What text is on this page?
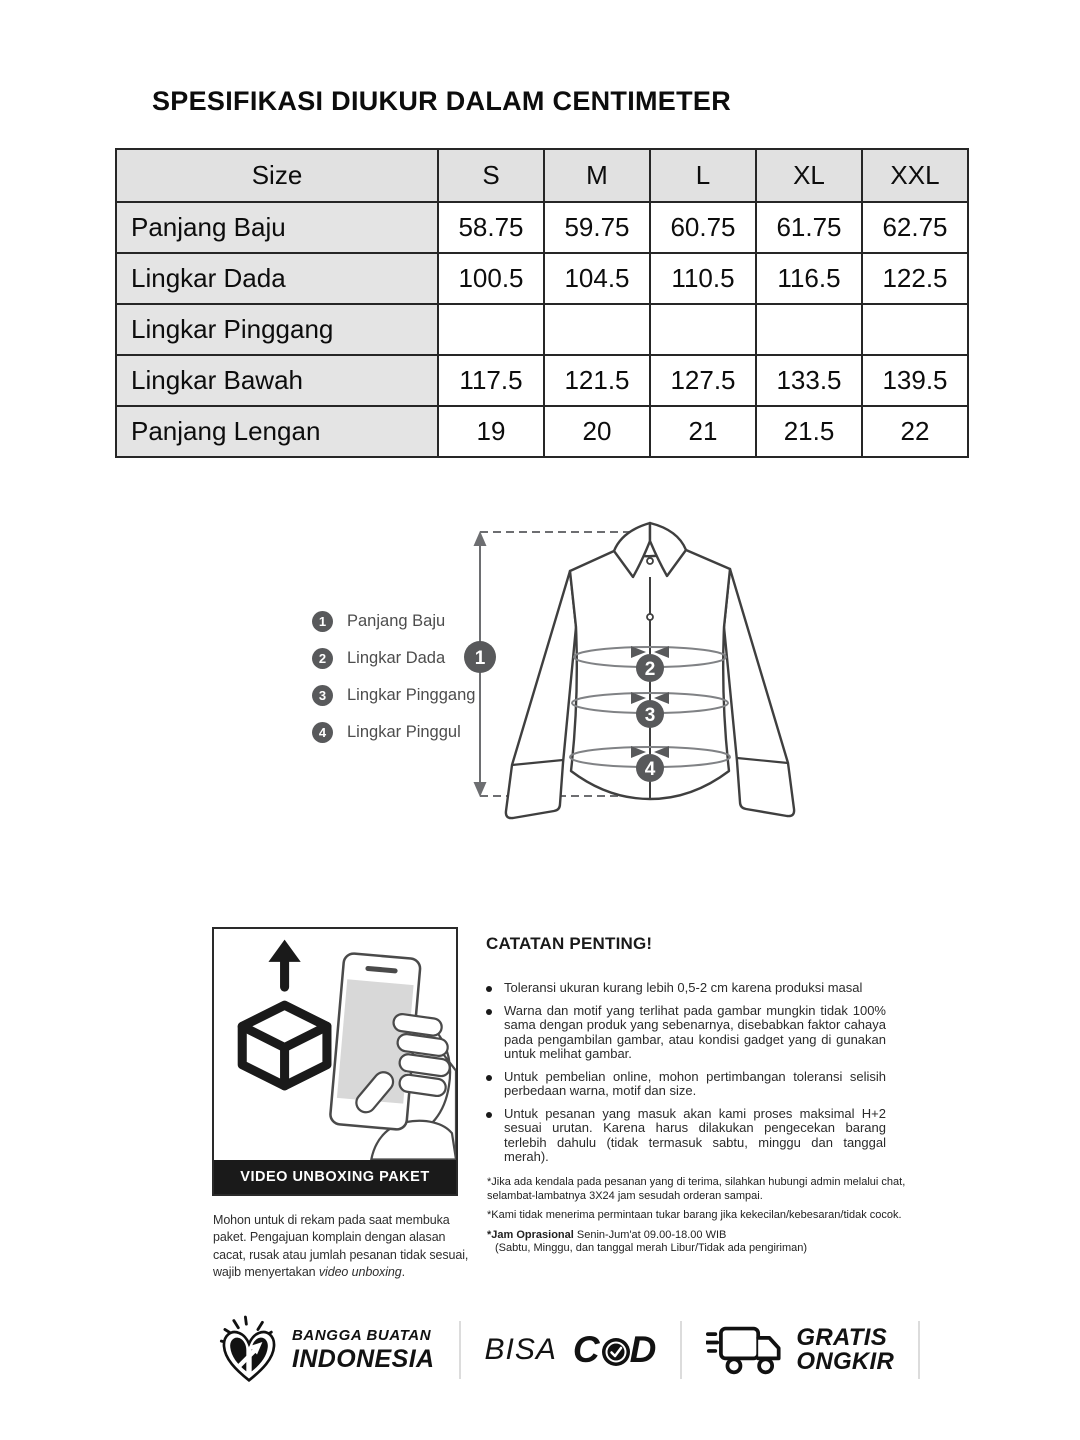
SPESIFIKASI DIUKUR DALAM CENTIMETER
Size	S	M	L	XL	XXL
Panjang Baju	58.75	59.75	60.75	61.75	62.75
Lingkar Dada	100.5	104.5	110.5	116.5	122.5
Lingkar Pinggang					
Lingkar Bawah	117.5	121.5	127.5	133.5	139.5
Panjang Lengan	19	20	21	21.5	22
1	Panjang Baju
2	Lingkar Dada
3	Lingkar Pinggang
4	Lingkar Pinggul
1
2
3
4
VIDEO UNBOXING PAKET

Mohon untuk di rekam pada saat membuka paket. Pengajuan komplain dengan alasan cacat, rusak atau jumlah pesanan tidak sesuai, wajib menyertakan video unboxing.

CATATAN PENTING!
Toleransi ukuran kurang lebih 0,5-2 cm karena produksi masal
Warna dan motif yang terlihat pada gambar mungkin tidak 100% sama dengan produk yang sebenarnya, disebabkan faktor cahaya pada pengambilan gambar, atau kondisi gadget yang di gunakan untuk melihat gambar.
Untuk pembelian online, mohon pertimbangan toleransi selisih perbedaan warna, motif dan size.
Untuk pesanan yang masuk akan kami proses maksimal H+2 sesuai urutan. Karena harus dilakukan pengecekan barang terlebih dahulu (tidak termasuk sabtu, minggu dan tanggal merah).
*Jika ada kendala pada pesanan yang di terima, silahkan hubungi admin melalui chat, selambat-lambatnya 3X24 jam sesudah orderan sampai.
*Kami tidak menerima permintaan tukar barang jika kekecilan/kebesaran/tidak cocok.
*Jam Oprasional Senin-Jum'at 09.00-18.00 WIB
(Sabtu, Minggu, dan tanggal merah Libur/Tidak ada pengiriman)
BANGGA BUATAN
INDONESIA BISA C D	GRATIS
ONGKIR
